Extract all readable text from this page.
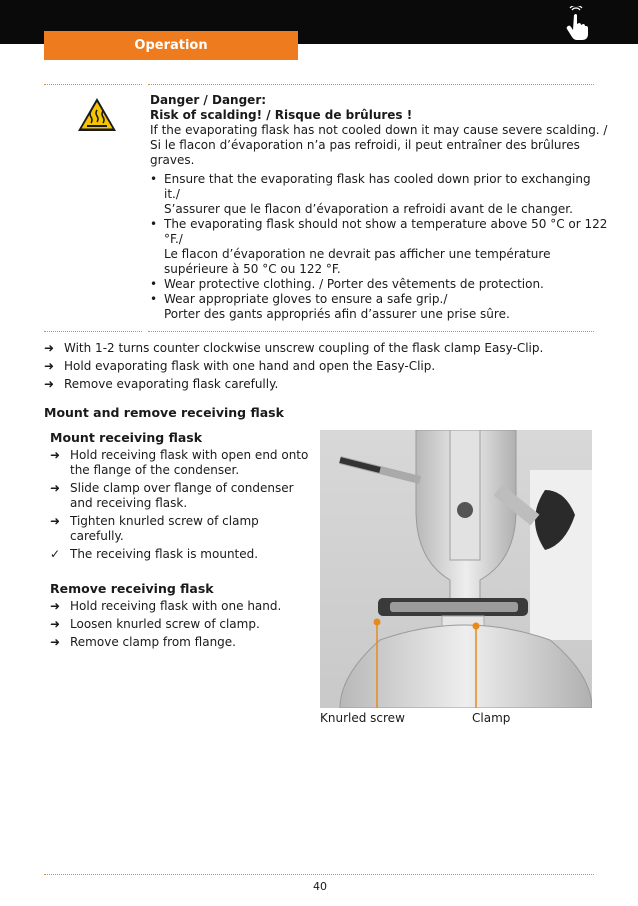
Operation

Danger / Danger:

Risk of scalding! / Risque de brûlures !

If the evaporating flask has not cooled down it may cause severe scalding. /

Si le flacon d’évaporation n’a pas refroidi, il peut entraîner des brûlures graves.

• Ensure that the evaporating flask has cooled down prior to exchanging it./
S’assurer que le flacon d’évaporation a refroidi avant de le changer.
• The evaporating flask should not show a temperature above 50 °C or 122 °F./
Le flacon d’évaporation ne devrait pas afficher une température supérieure à 50 °C ou 122 °F.
• Wear protective clothing. / Porter des vêtements de protection.
• Wear appropriate gloves to ensure a safe grip./
Porter des gants appropriés afin d’assurer une prise sûre.
➜ With 1-2 turns counter clockwise unscrew coupling of the flask clamp Easy-Clip.
➜ Hold evaporating flask with one hand and open the Easy-Clip.
➜ Remove evaporating flask carefully.
Mount and remove receiving flask
Mount receiving flask
➜ Hold receiving flask with open end onto the flange of the condenser.
➜ Slide clamp over flange of condenser and receiving flask.
➜ Tighten knurled screw of clamp carefully.
✓ The receiving flask is mounted.
Remove receiving flask
➜ Hold receiving flask with one hand.
➜ Loosen knurled screw of clamp.
➜ Remove clamp from flange.
Knurled screw	Clamp
40
